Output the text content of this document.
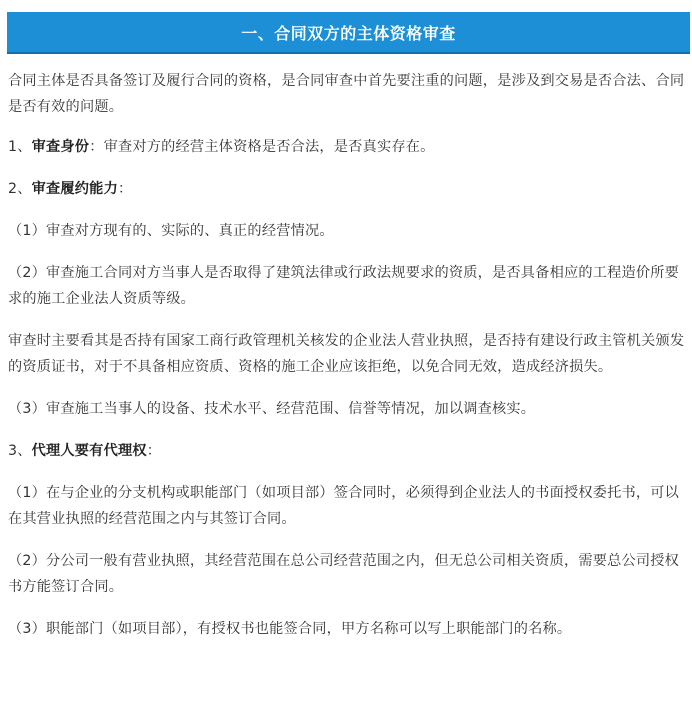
一、合同双方的主体资格审查

合同主体是否具备签订及履行合同的资格，是合同审查中首先要注重的问题，是涉及到交易是否合法、合同是否有效的问题。

1、审查身份：审查对方的经营主体资格是否合法，是否真实存在。

2、审查履约能力：

（1）审查对方现有的、实际的、真正的经营情况。

（2）审查施工合同对方当事人是否取得了建筑法律或行政法规要求的资质，是否具备相应的工程造价所要求的施工企业法人资质等级。

审查时主要看其是否持有国家工商行政管理机关核发的企业法人营业执照，是否持有建设行政主管机关颁发的资质证书，对于不具备相应资质、资格的施工企业应该拒绝，以免合同无效，造成经济损失。

（3）审查施工当事人的设备、技术水平、经营范围、信誉等情况，加以调查核实。

3、代理人要有代理权：

（1）在与企业的分支机构或职能部门（如项目部）签合同时，必须得到企业法人的书面授权委托书，可以在其营业执照的经营范围之内与其签订合同。

（2）分公司一般有营业执照，其经营范围在总公司经营范围之内，但无总公司相关资质，需要总公司授权书方能签订合同。

（3）职能部门（如项目部），有授权书也能签合同，甲方名称可以写上职能部门的名称。
